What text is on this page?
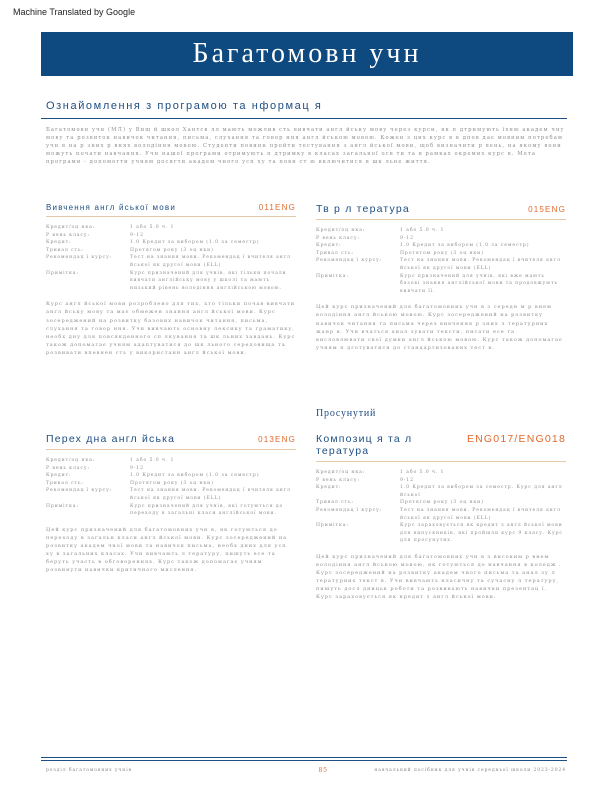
Machine Translated by Google
Багатомовн учн
Ознайомлення з програмою та нформац я
Багатомовн учн (МЛ) у Вищ й школ Хантсв лл мають можлив сть вивчати англ йську мову через курси, як п дтримують їхню академ чну мову та розвиток навичок читання, письма, слухання та говор ння англ йською мовою. Кожен з цих курс в в дпов дає мовним потребам учн в на р зних р внях володіння мовою. Студенти повинн пройти тестування з англ йської мови, щоб визначити р вень, на якому вони можуть почати навчання. Учн нашої програми отримують п дтримку в класах загальної осв ти та в рамках окремих курс в. Мета програми - допомогти учням досягти академ чного усп ху та повн ст ю включитися в шк льне життя.
Вивчення англ йської мови	011ENG
Кредит/оц нка:	1 або 5.0 ч. 1
Р вень класу:	9-12
Кредит:	1.0 Кредит за вибором (1.0 за семестр)
Тривал сть:	Протягом року (3 оц нки)
Рекомендац ї курсу:	Тест на знання мови. Рекомендац ї вчителя англ йської як другої мови (ELL)
Примітка:	Курс призначений для учнів, які тільки почали вивчати англійську мову у школі та мають низький рівень володіння англійською мовою.
Курс англ йської мови розроблено для тих, хто тільки почав вивчати англ йську мову та має обмежен знання англ йської мови. Курс зосереджений на розвитку базових навичок читання, письма, слухання та говор ння. Учн вивчають основну лексику та граматику, необх дну для повсякденного сп лкування та шк льних завдань. Курс також допомагає учням адаптуватися до шк льного середовища та розвивати впевнен сть у використанн англ йської мови.
Тв р л тература	015ENG
Кредит/оц нка:	1 або 5.0 ч. 1
Р вень класу:	9-12
Кредит:	1.0 Кредит за вибором (1.0 за семестр)
Тривал сть:	Протягом року (3 оц нки)
Рекомендац ї курсу:	Тест на знання мови. Рекомендац ї вчителя англ йської як другої мови (ELL)
Примітка:	Курс призначений для учнів, які вже мають базові знання англійської мови та продовжують вивчати її.
Цей курс призначений для багатомовних учн в з середн м р внем володіння англ йською мовою. Курс зосереджений на розвитку навичок читання та письма через вивчення р зних л тературних жанр в. Учн вчаться анал зувати тексти, писати есе та висловлювати свої думки англ йською мовою. Курс також допомагає учням п дготуватися до стандартизованих тест в.
Просунутий
Перех дна англ йська	013ENG
Кредит/оц нка:	1 або 5.0 ч. 1
Р вень класу:	9-12
Кредит:	1.0 Кредит за вибором (1.0 за семестр)
Тривал сть:	Протягом року (3 оц нки)
Рекомендац ї курсу:	Тест на знання мови. Рекомендац ї вчителя англ йської як другої мови (ELL)
Примітка:	Курс призначений для учнів, які готуються до переходу в загальні класи англійської мови.
Цей курс призначений для багатомовних учн в, як готуються до переходу в загальн класи англ йської мови. Курс зосереджений на розвитку академ чної мови та навичок письма, необх дних для усп ху в загальних класах. Учн вивчають л тературу, пишуть есе та беруть участь в обговореннях. Курс також допомагає учням розвинути навички критичного мислення.
Композиц я та л тература
ENG017/ENG018
Кредит/оц нка:	1 або 5.0 ч. 1
Р вень класу:	9-12
Кредит:	1.0 Кредит за вибором за семестр. Курс для англ йської
Тривал сть:	Протягом року (3 оц нки)
Рекомендац ї курсу:	Тест на знання мови. Рекомендац ї вчителя англ йської як другої мови (ELL)
Примітка:	Курс зараховується як кредит з англ йської мови для випускників, які пройшли курс 9 класу. Курс для просунутих.
Цей курс призначений для багатомовних учн в з високим р внем володіння англ йською мовою, як готуються до навчання в коледж . Курс зосереджений на розвитку академ чного письма та анал зу л тературних текст в. Учн вивчають класичну та сучасну л тературу, пишуть досл дницьк роботи та розвивають навички презентац ї. Курс зараховується як кредит з англ йської мови.
розділ багатомовних учнів	85	навчальний посібник для учнів середньої школи 2023-2024
